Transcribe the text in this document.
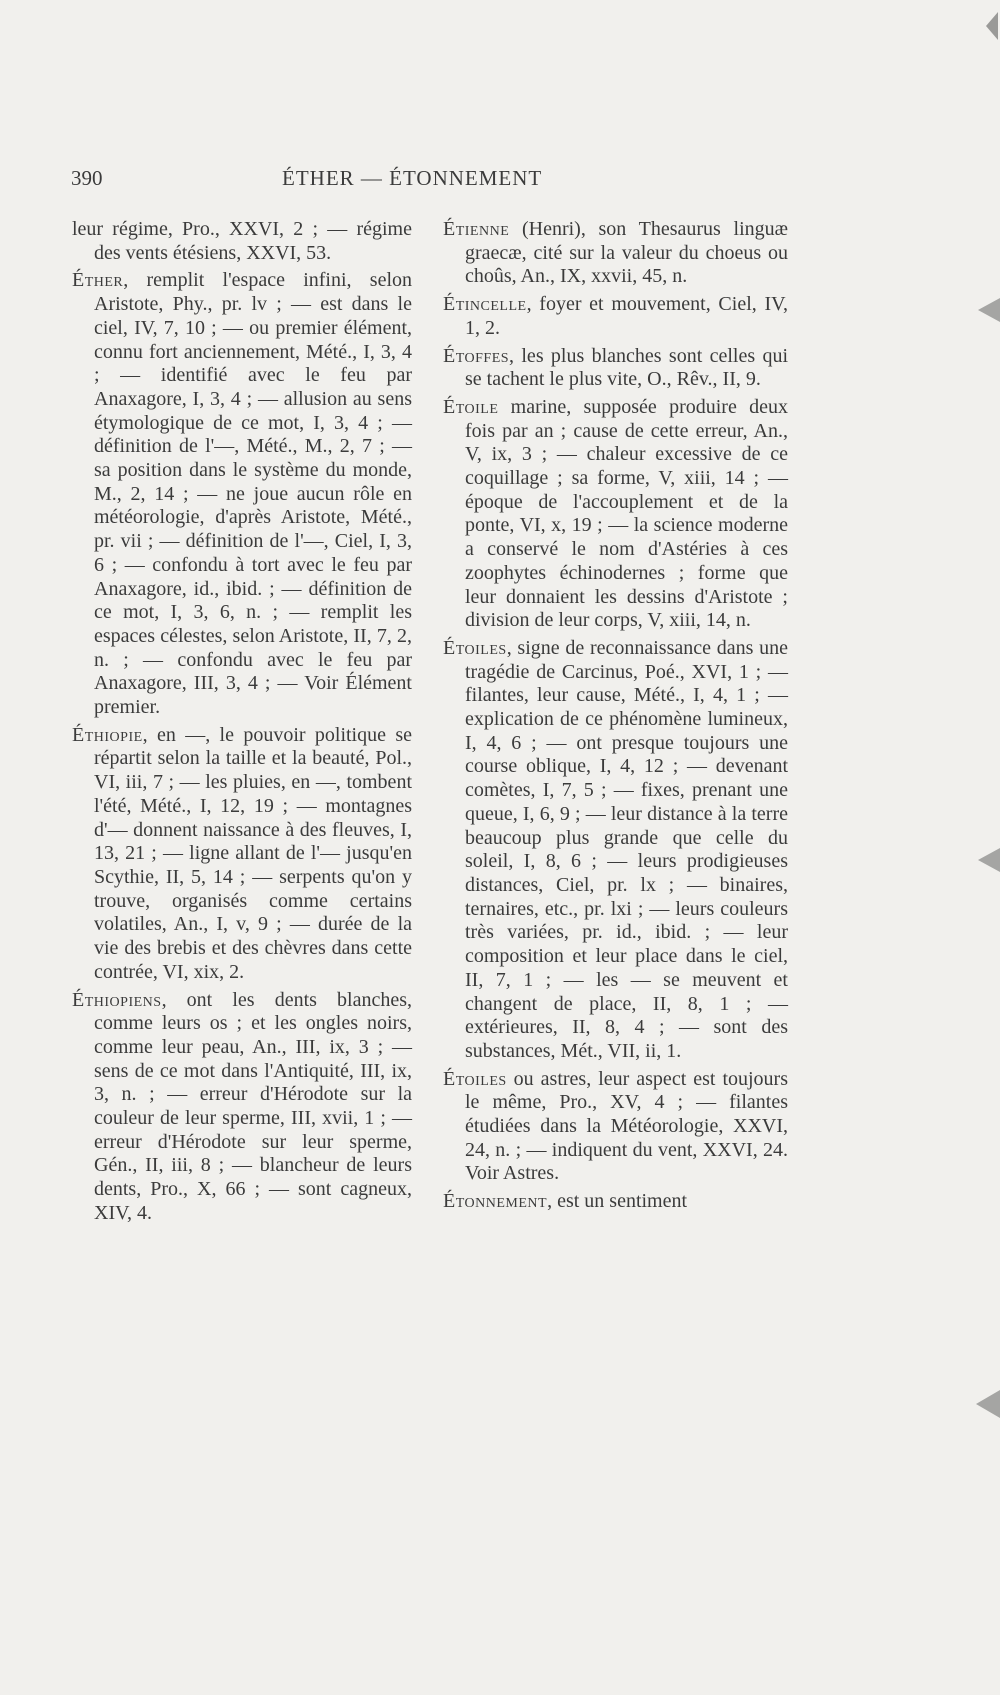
390	ÉTHER — ÉTONNEMENT
leur régime, Pro., XXVI, 2 ; — régime des vents étésiens, XXVI, 53.
Éther, remplit l'espace infini, selon Aristote, Phy., pr. lv ; — est dans le ciel, IV, 7, 10 ; — ou premier élément, connu fort anciennement, Mété., I, 3, 4 ; — identifié avec le feu par Anaxagore, I, 3, 4 ; — allusion au sens étymologique de ce mot, I, 3, 4 ; — définition de l'—, Mété., M., 2, 7 ; — sa position dans le système du monde, M., 2, 14 ; — ne joue aucun rôle en météorologie, d'après Aristote, Mété., pr. vii ; — définition de l'—, Ciel, I, 3, 6 ; — confondu à tort avec le feu par Anaxagore, id., ibid. ; — définition de ce mot, I, 3, 6, n. ; — remplit les espaces célestes, selon Aristote, II, 7, 2, n. ; — confondu avec le feu par Anaxagore, III, 3, 4 ; — Voir Élément premier.
Éthiopie, en —, le pouvoir politique se répartit selon la taille et la beauté, Pol., VI, iii, 7 ; — les pluies, en —, tombent l'été, Mété., I, 12, 19 ; — montagnes d'— donnent naissance à des fleuves, I, 13, 21 ; — ligne allant de l'— jusqu'en Scythie, II, 5, 14 ; — serpents qu'on y trouve, organisés comme certains volatiles, An., I, v, 9 ; — durée de la vie des brebis et des chèvres dans cette contrée, VI, xix, 2.
Éthiopiens, ont les dents blanches, comme leurs os ; et les ongles noirs, comme leur peau, An., III, ix, 3 ; — sens de ce mot dans l'Antiquité, III, ix, 3, n. ; — erreur d'Hérodote sur la couleur de leur sperme, III, xvii, 1 ; — erreur d'Hérodote sur leur sperme, Gén., II, iii, 8 ; — blancheur de leurs dents, Pro., X, 66 ; — sont cagneux, XIV, 4.
Étienne (Henri), son Thesaurus linguæ graecæ, cité sur la valeur du choeus ou choûs, An., IX, xxvii, 45, n.
Étincelle, foyer et mouvement, Ciel, IV, 1, 2.
Étoffes, les plus blanches sont celles qui se tachent le plus vite, O., Rêv., II, 9.
Étoile marine, supposée produire deux fois par an ; cause de cette erreur, An., V, ix, 3 ; — chaleur excessive de ce coquillage ; sa forme, V, xiii, 14 ; — époque de l'accouplement et de la ponte, VI, x, 19 ; — la science moderne a conservé le nom d'Astéries à ces zoophytes échinodernes ; forme que leur donnaient les dessins d'Aristote ; division de leur corps, V, xiii, 14, n.
Étoiles, signe de reconnaissance dans une tragédie de Carcinus, Poé., XVI, 1 ; — filantes, leur cause, Mété., I, 4, 1 ; — explication de ce phénomène lumineux, I, 4, 6 ; — ont presque toujours une course oblique, I, 4, 12 ; — devenant comètes, I, 7, 5 ; — fixes, prenant une queue, I, 6, 9 ; — leur distance à la terre beaucoup plus grande que celle du soleil, I, 8, 6 ; — leurs prodigieuses distances, Ciel, pr. lx ; — binaires, ternaires, etc., pr. lxi ; — leurs couleurs très variées, pr. id., ibid. ; — leur composition et leur place dans le ciel, II, 7, 1 ; — les — se meuvent et changent de place, II, 8, 1 ; — extérieures, II, 8, 4 ; — sont des substances, Mét., VII, ii, 1.
Étoiles ou astres, leur aspect est toujours le même, Pro., XV, 4 ; — filantes étudiées dans la Météorologie, XXVI, 24, n. ; — indiquent du vent, XXVI, 24. Voir Astres.
Étonnement, est un sentiment
